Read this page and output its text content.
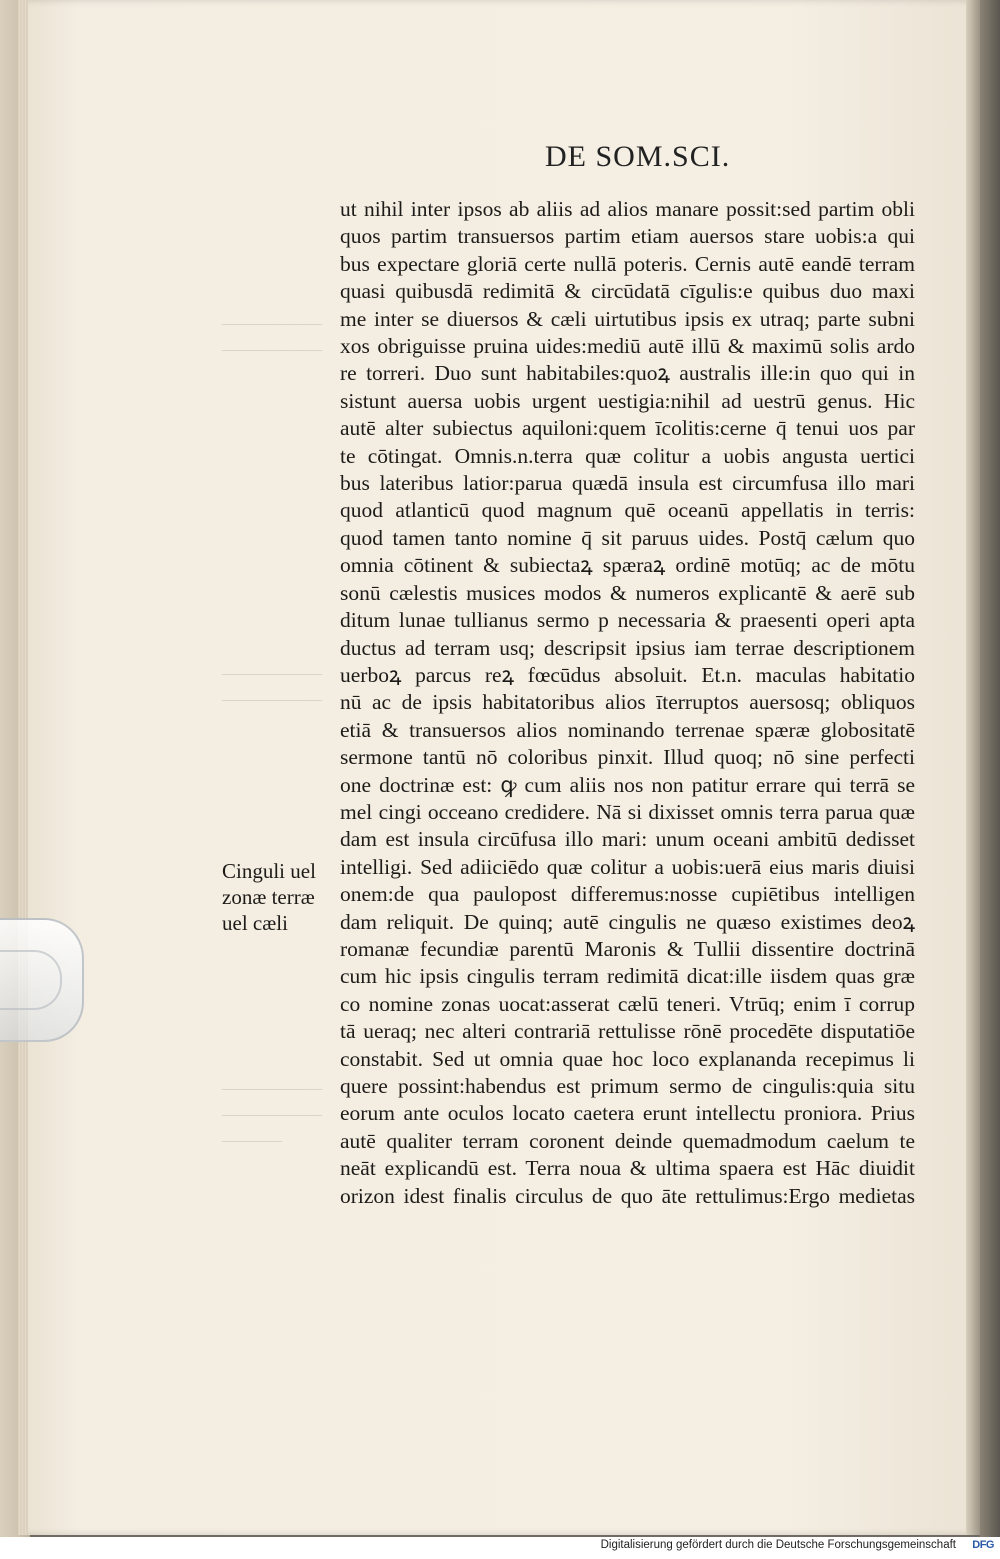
—————
—————
—————
—————
—————
—————
———
DE SOM.SCI.
ut nihil inter ipsos ab aliis ad alios manare possit:sed partim obli
quos partim transuersos partim etiam auersos stare uobis:a qui
bus expectare gloriā certe nullā poteris. Cernis autē eandē terram
quasi quibusdā redimitā & circūdatā cīgulis:e quibus duo maxi
me inter se diuersos & cæli uirtutibus ipsis ex utraq; parte subni
xos obriguisse pruina uides:mediū autē illū & maximū solis ardo
re torreri. Duo sunt habitabiles:quoꝝ australis ille:in quo qui in
sistunt auersa uobis urgent uestigia:nihil ad uestrū genus. Hic
autē alter subiectus aquiloni:quem īcolitis:cerne q̄ tenui uos par
te cōtingat. Omnis.n.terra quæ colitur a uobis angusta uertici
bus lateribus latior:parua quædā insula est circumfusa illo mari
quod atlanticū quod magnum quē oceanū appellatis in terris:
quod tamen tanto nomine q̄ sit paruus uides. Postq̄ cælum quo
omnia cōtinent & subiectaꝝ spæraꝝ ordinē motūq; ac de mōtu
sonū cælestis musices modos & numeros explicantē & aerē sub
ditum lunae tullianus sermo p necessaria & praesenti operi apta
ductus ad terram usq; descripsit ipsius iam terrae descriptionem
uerboꝝ parcus reꝝ fœcūdus absoluit. Et.n. maculas habitatio
nū ac de ipsis habitatoribus alios īterruptos auersosq; obliquos
etiā & transuersos alios nominando terrenae spæræ globositatē
sermone tantū nō coloribus pinxit. Illud quoq; nō sine perfecti
one doctrinæ est: ꝙ cum aliis nos non patitur errare qui terrā se
mel cingi occeano credidere. Nā si dixisset omnis terra parua quæ
dam est insula circūfusa illo mari: unum oceani ambitū dedisset
intelligi. Sed adiiciēdo quæ colitur a uobis:uerā eius maris diuisi
onem:de qua paulopost differemus:nosse cupiētibus intelligen
dam reliquit. De quinq; autē cingulis ne quæso existimes deoꝝ
romanæ fecundiæ parentū Maronis & Tullii dissentire doctrinā
cum hic ipsis cingulis terram redimitā dicat:ille iisdem quas græ
co nomine zonas uocat:asserat cælū teneri. Vtrūq; enim ī corrup
tā ueraq; nec alteri contrariā rettulisse rōnē procedēte disputatiōe
constabit. Sed ut omnia quae hoc loco explananda recepimus li
quere possint:habendus est primum sermo de cingulis:quia situ
eorum ante oculos locato caetera erunt intellectu proniora. Prius
autē qualiter terram coronent deinde quemadmodum caelum te
neāt explicandū est. Terra noua & ultima spaera est Hāc diuidit
orizon idest finalis circulus de quo āte rettulimus:Ergo medietas
Cinguli uel
zonæ terræ
uel cæli
Digitalisierung gefördert durch die Deutsche Forschungsgemeinschaft DFG
